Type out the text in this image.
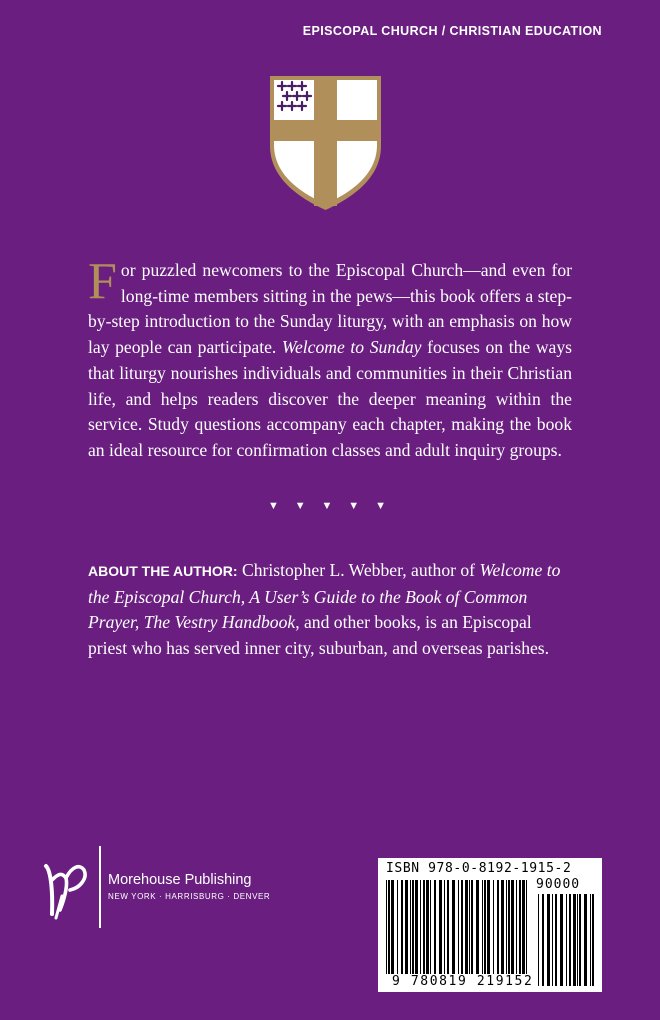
EPISCOPAL CHURCH / CHRISTIAN EDUCATION
For puzzled newcomers to the Episcopal Church—and even for long-time members sitting in the pews—this book offers a step-by-step introduction to the Sunday liturgy, with an emphasis on how lay people can participate. Welcome to Sunday focuses on the ways that liturgy nourishes individuals and communities in their Christian life, and helps readers discover the deeper meaning within the service. Study questions accompany each chapter, making the book an ideal resource for confirmation classes and adult inquiry groups.
▼ ▼ ▼ ▼ ▼
ABOUT THE AUTHOR: Christopher L. Webber, author of Welcome to the Episcopal Church, A User’s Guide to the Book of Common Prayer, The Vestry Handbook, and other books, is an Episcopal priest who has served inner city, suburban, and overseas parishes.
Morehouse Publishing
NEW YORK · HARRISBURG · DENVER
ISBN 978-0-8192-1915-2
90000
9 780819 219152
